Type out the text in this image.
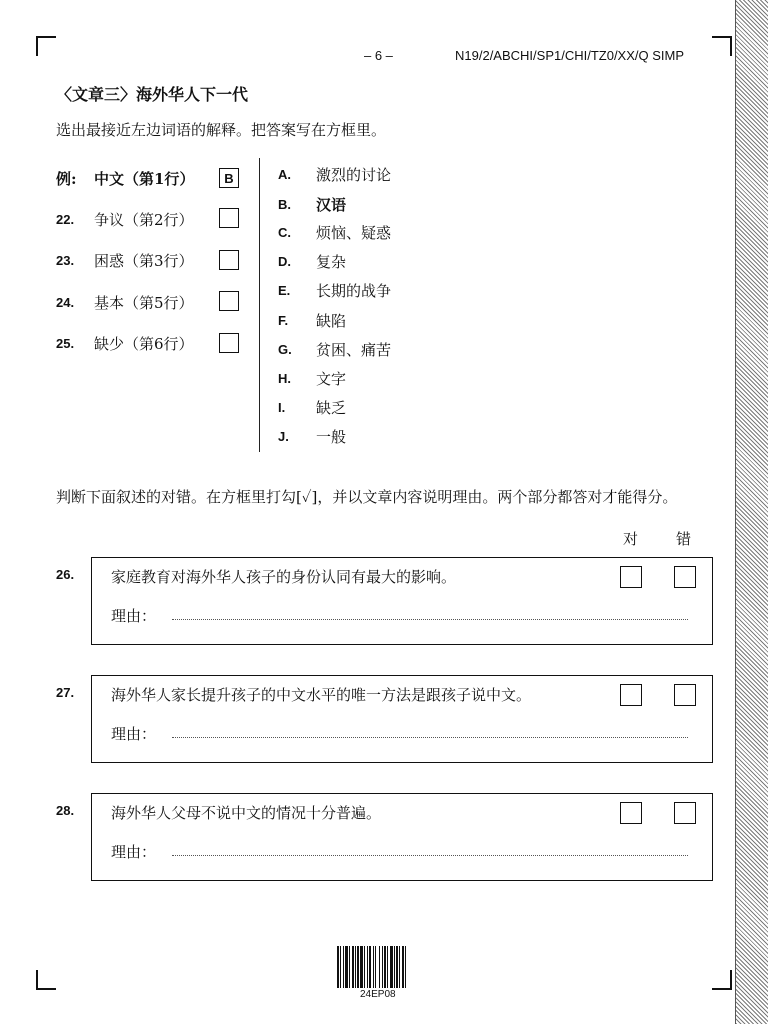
– 6 –	N19/2/ABCHI/SP1/CHI/TZ0/XX/Q SIMP
〈文章三〉海外华人下一代
选出最接近左边词语的解释。把答案写在方框里。
例:	中文（第1行）	B
22.	争议（第2行）
23.	困惑（第3行）
24.	基本（第5行）
25.	缺少（第6行）
A.	激烈的讨论
B.	汉语
C.	烦恼、疑惑
D.	复杂
E.	长期的战争
F.	缺陷
G.	贫困、痛苦
H.	文字
I.	缺乏
J.	一般
判断下面叙述的对错。在方框里打勾[✓]，并以文章内容说明理由。两个部分都答对才能得分。
对	错
26. 家庭教育对海外华人孩子的身份认同有最大的影响。
理由：
27. 海外华人家长提升孩子的中文水平的唯一方法是跟孩子说中文。
理由：
28. 海外华人父母不说中文的情况十分普遍。
理由：
24EP08
